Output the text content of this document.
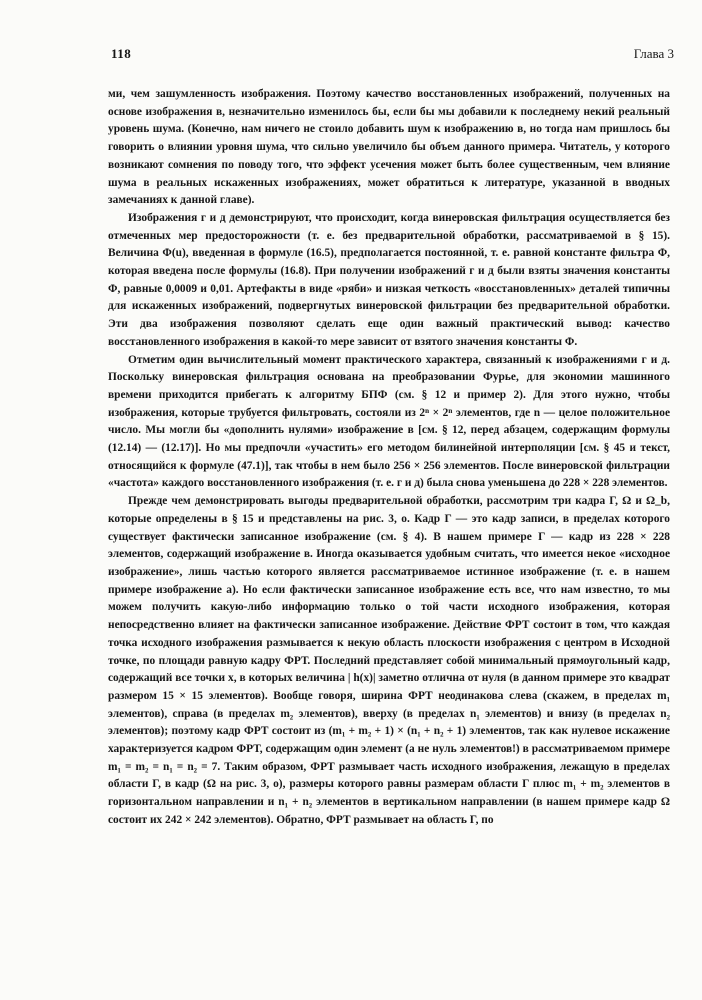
118	Глава 3

ми, чем зашумленность изображения. Поэтому качество восстановленных изображений, полученных на основе изображения в, незначительно изменилось бы, если бы мы добавили к последнему некий реальный уровень шума. (Конечно, нам ничего не стоило добавить шум к изображению в, но тогда нам пришлось бы говорить о влиянии уровня шума, что сильно увеличило бы объем данного примера. Читатель, у которого возникают сомнения по поводу того, что эффект усечения может быть более существенным, чем влияние шума в реальных искаженных изображениях, может обратиться к литературе, указанной в вводных замечаниях к данной главе).

Изображения г и д демонстрируют, что происходит, когда винеровская фильтрация осуществляется без отмеченных мер предосторожности (т. е. без предварительной обработки, рассматриваемой в § 15). Величина Φ(u), введенная в формуле (16.5), предполагается постоянной, т. е. равной константе фильтра Φ, которая введена после формулы (16.8). При получении изображений г и д были взяты значения константы Φ, равные 0,0009 и 0,01. Артефакты в виде «ряби» и низкая четкость «восстановленных» деталей типичны для искаженных изображений, подвергнутых винеровской фильтрации без предварительной обработки. Эти два изображения позволяют сделать еще один важный практический вывод: качество восстановленного изображения в какой-то мере зависит от взятого значения константы Φ.

Отметим один вычислительный момент практического характера, связанный к изображениями г и д. Поскольку винеровская фильтрация основана на преобразовании Фурье, для экономии машинного времени приходится прибегать к алгоритму БПФ (см. § 12 и пример 2). Для этого нужно, чтобы изображения, которые трубуется фильтровать, состояли из 2ⁿ × 2ⁿ элементов, где n — целое положительное число. Мы могли бы «дополнить нулями» изображение в [см. § 12, перед абзацем, содержащим формулы (12.14) — (12.17)]. Но мы предпочли «участить» его методом билинейной интерполяции [см. § 45 и текст, относящийся к формуле (47.1)], так чтобы в нем было 256 × 256 элементов. После винеровской фильтрации «частота» каждого восстановленного изображения (т. е. г и д) была снова уменьшена до 228 × 228 элементов.

Прежде чем демонстрировать выгоды предварительной обработки, рассмотрим три кадра Γ, Ω и Ω_b, которые определены в § 15 и представлены на рис. 3, о. Кадр Γ — это кадр записи, в пределах которого существует фактически записанное изображение (см. § 4). В нашем примере Γ — кадр из 228 × 228 элементов, содержащий изображение в. Иногда оказывается удобным считать, что имеется некое «исходное изображение», лишь частью которого является рассматриваемое истинное изображение (т. е. в нашем примере изображение а). Но если фактически записанное изображение есть все, что нам известно, то мы можем получить какую-либо информацию только о той части исходного изображения, которая непосредственно влияет на фактически записанное изображение. Действие ФРТ состоит в том, что каждая точка исходного изображения размывается к некую область плоскости изображения с центром в Исходной точке, по площади равную кадру ФРТ. Последний представляет собой минимальный прямоугольный кадр, содержащий все точки x, в которых величина | h(x)| заметно отлична от нуля (в данном примере это квадрат размером 15 × 15 элементов). Вообще говоря, ширина ФРТ неодинакова слева (скажем, в пределах m₁ элементов), справа (в пределах m₂ элементов), вверху (в пределах n₁ элементов) и внизу (в пределах n₂ элементов); поэтому кадр ФРТ состоит из (m₁ + m₂ + 1) × (n₁ + n₂ + 1) элементов, так как нулевое искажение характеризуется кадром ФРТ, содержащим один элемент (а не нуль элементов!) в рассматриваемом примере m₁ = m₂ = n₁ = n₂ = 7. Таким образом, ФРТ размывает часть исходного изображения, лежащую в пределах области Γ, в кадр (Ω на рис. 3, о), размеры которого равны размерам области Γ плюс m₁ + m₂ элементов в горизонтальном направлении и n₁ + n₂ элементов в вертикальном направлении (в нашем примере кадр Ω состоит их 242 × 242 элементов). Обратно, ФРТ размывает на область Γ, по
